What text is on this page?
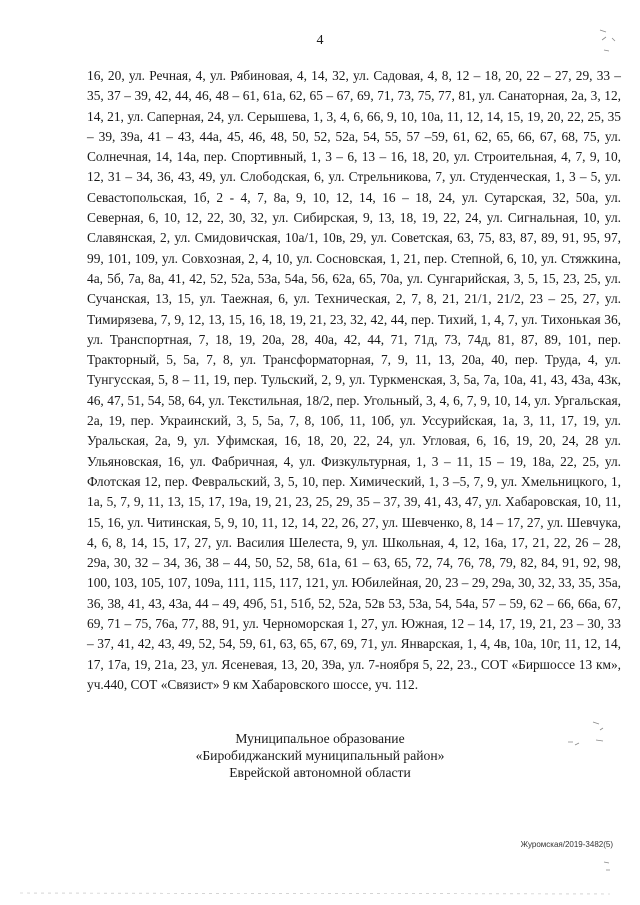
4

16, 20, ул. Речная, 4, ул. Рябиновая, 4, 14, 32, ул. Садовая, 4, 8, 12 – 18, 20, 22 – 27, 29, 33 – 35, 37 – 39, 42, 44, 46, 48 – 61, 61а, 62, 65 – 67, 69, 71, 73, 75, 77, 81, ул. Санаторная, 2а, 3, 12, 14, 21, ул. Саперная, 24, ул. Серышева, 1, 3, 4, 6, 66, 9, 10, 10а, 11, 12, 14, 15, 19, 20, 22, 25, 35 – 39, 39а, 41 – 43, 44а, 45, 46, 48, 50, 52, 52а, 54, 55, 57 –59, 61, 62, 65, 66, 67, 68, 75, ул. Солнечная, 14, 14а, пер. Спортивный, 1, 3 – 6, 13 – 16, 18, 20, ул. Строительная, 4, 7, 9, 10, 12, 31 – 34, 36, 43, 49, ул. Слободская, 6, ул. Стрельникова, 7, ул. Студенческая, 1, 3 – 5, ул. Севастопольская, 1б, 2 - 4, 7, 8а, 9, 10, 12, 14, 16 – 18, 24, ул. Сутарская, 32, 50а, ул. Северная, 6, 10, 12, 22, 30, 32, ул. Сибирская, 9, 13, 18, 19, 22, 24, ул. Сигнальная, 10, ул. Славянская, 2, ул. Смидовичская, 10а/1, 10в, 29, ул. Советская, 63, 75, 83, 87, 89, 91, 95, 97, 99, 101, 109, ул. Совхозная, 2, 4, 10, ул. Сосновская, 1, 21, пер. Степной, 6, 10, ул. Стяжкина, 4а, 5б, 7а, 8а, 41, 42, 52, 52а, 53а, 54а, 56, 62а, 65, 70а, ул. Сунгарийская, 3, 5, 15, 23, 25, ул. Сучанская, 13, 15, ул. Таежная, 6, ул. Техническая, 2, 7, 8, 21, 21/1, 21/2, 23 – 25, 27, ул. Тимирязева, 7, 9, 12, 13, 15, 16, 18, 19, 21, 23, 32, 42, 44, пер. Тихий, 1, 4, 7, ул. Тихонькая 36, ул. Транспортная, 7, 18, 19, 20а, 28, 40а, 42, 44, 71, 71д, 73, 74д, 81, 87, 89, 101, пер. Тракторный, 5, 5а, 7, 8, ул. Трансформаторная, 7, 9, 11, 13, 20а, 40, пер. Труда, 4, ул. Тунгусская, 5, 8 – 11, 19, пер. Тульский, 2, 9, ул. Туркменская, 3, 5а, 7а, 10а, 41, 43, 43а, 43к, 46, 47, 51, 54, 58, 64, ул. Текстильная, 18/2, пер. Угольный, 3, 4, 6, 7, 9, 10, 14, ул. Ургальская, 2а, 19, пер. Украинский, 3, 5, 5а, 7, 8, 10б, 11, 10б, ул. Уссурийская, 1а, 3, 11, 17, 19, ул. Уральская, 2а, 9, ул. Уфимская, 16, 18, 20, 22, 24, ул. Угловая, 6, 16, 19, 20, 24, 28 ул. Ульяновская, 16, ул. Фабричная, 4, ул. Физкультурная, 1, 3 – 11, 15 – 19, 18а, 22, 25, ул. Флотская 12, пер. Февральский, 3, 5, 10, пер. Химический, 1, 3 –5, 7, 9, ул. Хмельницкого, 1, 1а, 5, 7, 9, 11, 13, 15, 17, 19а, 19, 21, 23, 25, 29, 35 – 37, 39, 41, 43, 47, ул. Хабаровская, 10, 11, 15, 16, ул. Читинская, 5, 9, 10, 11, 12, 14, 22, 26, 27, ул. Шевченко, 8, 14 – 17, 27, ул. Шевчука, 4, 6, 8, 14, 15, 17, 27, ул. Василия Шелеста, 9, ул. Школьная, 4, 12, 16а, 17, 21, 22, 26 – 28, 29а, 30, 32 – 34, 36, 38 – 44, 50, 52, 58, 61а, 61 – 63, 65, 72, 74, 76, 78, 79, 82, 84, 91, 92, 98, 100, 103, 105, 107, 109а, 111, 115, 117, 121, ул. Юбилейная, 20, 23 – 29, 29а, 30, 32, 33, 35, 35а, 36, 38, 41, 43, 43а, 44 – 49, 49б, 51, 51б, 52, 52а, 52в 53, 53а, 54, 54а, 57 – 59, 62 – 66, 66а, 67, 69, 71 – 75, 76а, 77, 88, 91, ул. Черноморская 1, 27, ул. Южная, 12 – 14, 17, 19, 21, 23 – 30, 33 – 37, 41, 42, 43, 49, 52, 54, 59, 61, 63, 65, 67, 69, 71, ул. Январская, 1, 4, 4в, 10а, 10г, 11, 12, 14, 17, 17а, 19, 21а, 23, ул. Ясеневая, 13, 20, 39а, ул. 7-ноября 5, 22, 23., СОТ «Биршоссе 13 км», уч.440, СОТ «Связист» 9 км Хабаровского шоссе, уч. 112.

Муниципальное образование
«Биробиджанский муниципальный район»
Еврейской автономной области
Журомская/2019-3482(5)
